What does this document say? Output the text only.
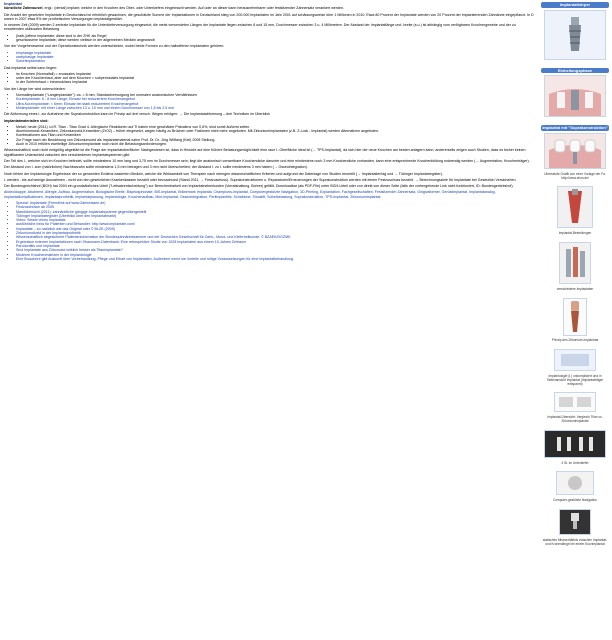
Implantat
künstliche Zahnwurzel, engl.: (dental) implant; welche in den Knochen des Ober- oder Unterkiefers eingebracht werden. Auf oder an dieser kann herausnehmbarer oder festsitzender Zahnersatz verankert werden.

Die Anzahl der gesetzten Implantate in Deutschland ist erheblich gewachsen, die geschätzte Summe der Implantationen in Deutschland stieg von 200.000 Implantaten im Jahr 2001 auf schätzungsweise über 1 Millionen in 2010. Etwa 80 Prozent der Implantate werden von 20 Prozent der implantierenden Zahnärzte eingepflanzt. In D waren in 2007 etwa 5% der prothetischen Versorgungen implantatgestützt.

In neuerer Zeit (2009) werden 2 zentrale Implantate für die Unterkieferversorgung eingesetzt; die meist verwendeten Längen der Implantate liegen zwischen 8 und 15 mm, Durchmesser zwischen 3 u. 4 Millimetern. Der Abstand der Implantatlänge und -breite (s.u.) ist abhängig vom verfügbaren Knochengewebe und der zu erwartenden okklusalen Belastung.

• (halb-)offene Implantate; diese sind in der ZHK als Regel
• geschlossene Implantate; diese werden vielfach in der allgemeinen Medizin angewandt

Von der Vorgehensweise und der Operationstechnik werden unterschieden, wobei beide Formen zu den halboffenen Implantaten gehören:

• einphasige Implantate
• zweiphasige Implantate
• Sofortimplantation

Das Implantat selbst kann liegen:

• im Knochen (Normalfall) = enossales Implantat
• unter der Knochenhaut, aber auf dem Knochen = subperiostales Implantat
• in der Schleimhaut = intramuköses Implantat

Von der Länge her wird unterschieden:

• Normalimplantate ("Langimplantate"): ca. > 8 mm; Standardversorgung bei normalen anatomischen Verhältnissen
• Kurzimplantate: 6 - 8 mm Länge; Einsatz bei reduziertem Knochenangebot
• Ultra-Kurzimplantate: < 6mm; Einsatz bei stark reduziertem Knochenangebot
• Miniimplantate: mit einer Länge zwischen 13 u. 15 mm und einem Durchmesser von 1,8 bis 2,5 mm

Die Abformung eines I. zur Aufnahme der Suprakonstruktion kann im Prinzip auf drei versch. Wegen erfolgen: → Die Implantatabformung – drei Techniken im Überblick

Implantatmaterialien sind:

• Metall; heute (2011) i.d.R. Titan - Titan Grad 4. Allergische Reaktionen auf Ti haben eine geschätzte Prävalenz von 0,6%, sind somit äußerst selten.
• Aluminiumoxid-Keramiken, Zirkoniumoxid-Keramiken (ZrO2) – früher eingesetzt, wegen häufig zu Brüchen oder Frakturen nicht mehr angeboten. Mit Zirkoniumimplantaten (z.B. Z-Lock - Implantat) werden Alternativen angeboten.
• Kombinationen aus Titan und Keramiken
• Zur Frage nach der Bewährung von Zirkoniumoxid als Implantatmaterial nahm Prof. Dr. Dr. Jörg Wiltfang (Kiel) 2008 Stellung.
• Auch in 2010 erfüllen zweiteilige Zirkoniumimplantate noch nicht die Belastungsanforderungen.

Wissenschaftlich noch nicht endgültig abgeklärt ist die Frage der Implantatoberfläche: Nachgewiesen ist, dass in Hinsicht auf eine frühere Belastungsmöglichkeit eine raue I.-Oberfläche ideal ist (→ TPS-Implantat), da sich hier der neue Knochen am besten anlagern kann; andererseits zeigen auch Studien, dass es bisher keinen signifikanten Unterschied zwischen den verschiedenen Implantatsystemen gibt.

Der Teil des I., welcher sich im Knochen befindet, sollte mindestens 10 mm lang und 3,75 mm im Durchmesser sein; liegt die anatomisch vorwertbare Knochendicke darunter und eine mindestens noch 3 mm Knochendicke vorhanden, kann eine entsprechende Knochenbildung notwendig werden (→ Augmentation, Knochenträger).

Der Abstand von I. zum (natürlichen) Nachbarzahn sollte mindestens 1,5 mm betragen und 3 mm nicht überschreiten; der Abstand I. zu I. sollte mindestens 3 mm haben (→ Osseointegration).

Noch fehlen der Implantologie Ergebnisse der so genannten Evidenz-basierten Medizin, welche die Wirksamkeit von Therapien nach strengen wissenschaftlichen Kriterien und aufgrund der Datenlage von Studien beurteilt (→ Implantatlerfolg und → Tübinger Implantatregister).

I. werden - bis auf wenige Ausnahmen - nicht von den gesetzlichen Krankenkassen bezahlt oder bezuschusst (Stand 2011, → Festzuschuss). Suprakonstruktionen u. Reparaturen/Erneuerungen der Suprakonstruktion werden mit einem Festzuschuss bezahlt. → Berechnungsziele für Implantate bei Gesetzlich Versicherten.

Der Bundesgerichtshof (BGH) hat 2004 ein grundsätzliches Urteil ("Leitsatzentscheidung") zur Berechenbarkeit von Implantatnebenkosten (Vorratshaltung, Bohrer) gefällt. Downloadbar (als PDF-File) unter BGH-Urteil oder von direkt von dieser Seite (falls der vorhergehende Link nicht funktioniert, ID: Bundesgerichtshof).

Abdeckkappe, Abutment, Allergie, Aufbau, Augmentation, Biologische Breite, Bisphosphonate, BIS-Implantat, Brånemark Implantat, Champions-Implantat, Computergestützte Navigation, 3D-Printing, Explantation, Fachgesellschaften, Festsitzender Zahnersatz, Gingivaformer, Gerüstimplantat, Implantatanalog, Implantatkomplikationen, Implantatprothetik, Implantatplanung, Implantologie, Knochenaufbau, Mini-Implantat, Osseointegration, Periimplantitis, Schablone, Sinuslift, Sofortbelastung, Suprakonstruktion, TPS-Implantat, Zirkoniumimplantat

• Spezial: Implantate (Fremdlink auf www.Zahnwissen.de)
• Festzuschüsse ab 2005
• Marktübersicht (2011): zahnärztliche gängige Implantatsysteme gegenübergestellt
• Tübinger Implantatregister (Überblick über den Implantatmarkt)
• Video: Setzen eines Implantats
• ausführliche Infos für Patienten und Behandler: http://www.implantate.com/
• Implantate – so natürlich wie das Original oder © BLZK (2009)
• Zirkoniumdioxid in der Implantatprothetik
• Wissenschaftlich abgesicherte Patienteninformation der Bundeszahnärztekammer und der Deutschen Gesellschaft für Zahn-, Mund- und Kieferheilkunde, © BZAEK/DGZMK
• Ergebnisse externer Implantationen nach Straumann-Datenbank: Eine retrospektive Studie von 1528 Implantaten aus einem 10-Jahres Zeitraum
• Parodontitis und Implantate
• Sind Implantate aus Zirkonoxid wirklich besser als Titanimplantate?
• Moderne Knochenmatrizen in der Implantologie
• Eine Broschüre gibt Auskunft über Vorbehandlung, Pflege und Erhalt von Implantaten. Außerdem nennt sie Vorteile und nötige Voraussetzungen für eine Implantatbehandlung.
Implantatkörper
Einheilungsphase
Implantat mit "Suprakonstruktion"
Übersetzte Grafik von einer Vorlage der Fa. http://www.zfsm.de/
Implantat-Bestellungen
verschiedene Implantaten
Prinzip des Zirkonium-Implantats
Implantologie (I.) unkompliziert und in Seitenansicht Implantat (Implantatträger entspannt)
Implantat-Übersicht: Vergleich Titan vs. Zirkoniumimplantat
4 St. im Unterkiefer
Computer-gestützte Navigation
statisches Missverhältnis zwischen Implantat- und Kronenlänge bei einem Kurzimplantat
